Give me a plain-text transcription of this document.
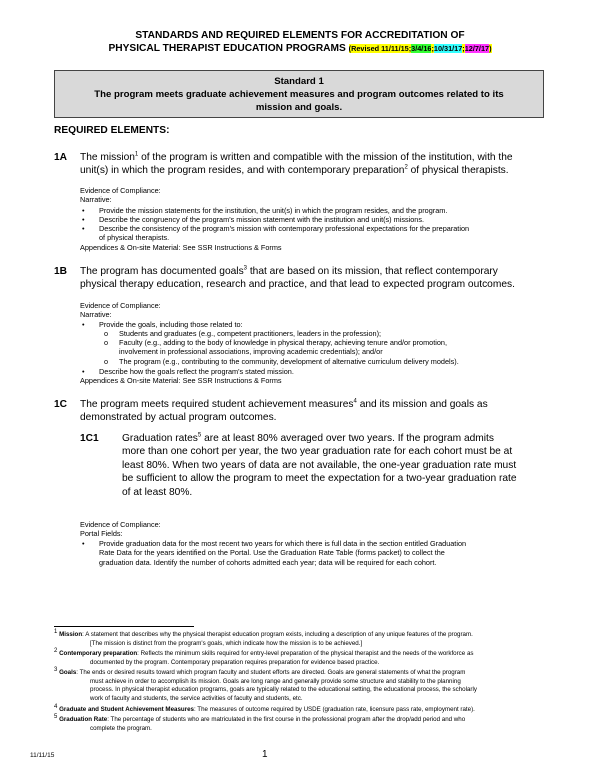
STANDARDS AND REQUIRED ELEMENTS FOR ACCREDITATION OF
PHYSICAL THERAPIST EDUCATION PROGRAMS (Revised 11/11/15;3/4/16;10/31/17;12/7/17)
Standard 1
The program meets graduate achievement measures and program outcomes related to its
mission and goals.
REQUIRED ELEMENTS:
1A The mission$^1$ of the program is written and compatible with the mission of the institution, with the
unit(s) in which the program resides, and with contemporary preparation$^2$ of physical therapists.
Evidence of Compliance:
Narrative:
• Provide the mission statements for the institution, the unit(s) in which the program resides, and the program.
• Describe the congruency of the program's mission statement with the institution and unit(s) missions.
• Describe the consistency of the program's mission with contemporary professional expectations for the preparation
of physical therapists.
Appendices & On-site Material: See SSR Instructions & Forms
1B The program has documented goals$^3$ that are based on its mission, that reflect contemporary
physical therapy education, research and practice, and that lead to expected program outcomes.
Evidence of Compliance:
Narrative:
• Provide the goals, including those related to:
o Students and graduates (e.g., competent practitioners, leaders in the profession);
o Faculty (e.g., adding to the body of knowledge in physical therapy, achieving tenure and/or promotion,
involvement in professional associations, improving academic credentials); and/or
o The program (e.g., contributing to the community, development of alternative curriculum delivery models).
• Describe how the goals reflect the program's stated mission.
Appendices & On-site Material: See SSR Instructions & Forms
1C The program meets required student achievement measures$^4$ and its mission and goals as
demonstrated by actual program outcomes.
1C1 Graduation rates$^5$ are at least 80% averaged over two years. If the program admits
more than one cohort per year, the two year graduation rate for each cohort must be at
least 80%. When two years of data are not available, the one-year graduation rate must
be sufficient to allow the program to meet the expectation for a two-year graduation rate
of at least 80%.
Evidence of Compliance:
Portal Fields:
• Provide graduation data for the most recent two years for which there is full data in the section entitled Graduation
Rate Data for the years identified on the Portal. Use the Graduation Rate Table (forms packet) to collect the
graduation data. Identify the number of cohorts admitted each year; data will be required for each cohort.
$^1$ Mission: A statement that describes why the physical therapist education program exists, including a description of any unique features of the program.
[The mission is distinct from the program's goals, which indicate how the mission is to be achieved.]
$^2$ Contemporary preparation: Reflects the minimum skills required for entry-level preparation of the physical therapist and the needs of the workforce as
documented by the program. Contemporary preparation requires preparation for evidence based practice.
$^3$ Goals: The ends or desired results toward which program faculty and student efforts are directed. Goals are general statements of what the program
must achieve in order to accomplish its mission. Goals are long range and generally provide some structure and stability to the planning
process. In physical therapist education programs, goals are typically related to the educational setting, the educational process, the scholarly
work of faculty and students, the service activities of faculty and students, etc.
$^4$ Graduate and Student Achievement Measures: The measures of outcome required by USDE (graduation rate, licensure pass rate, employment rate).
$^5$ Graduation Rate: The percentage of students who are matriculated in the first course in the professional program after the drop/add period and who
complete the program.
11/11/15	1
